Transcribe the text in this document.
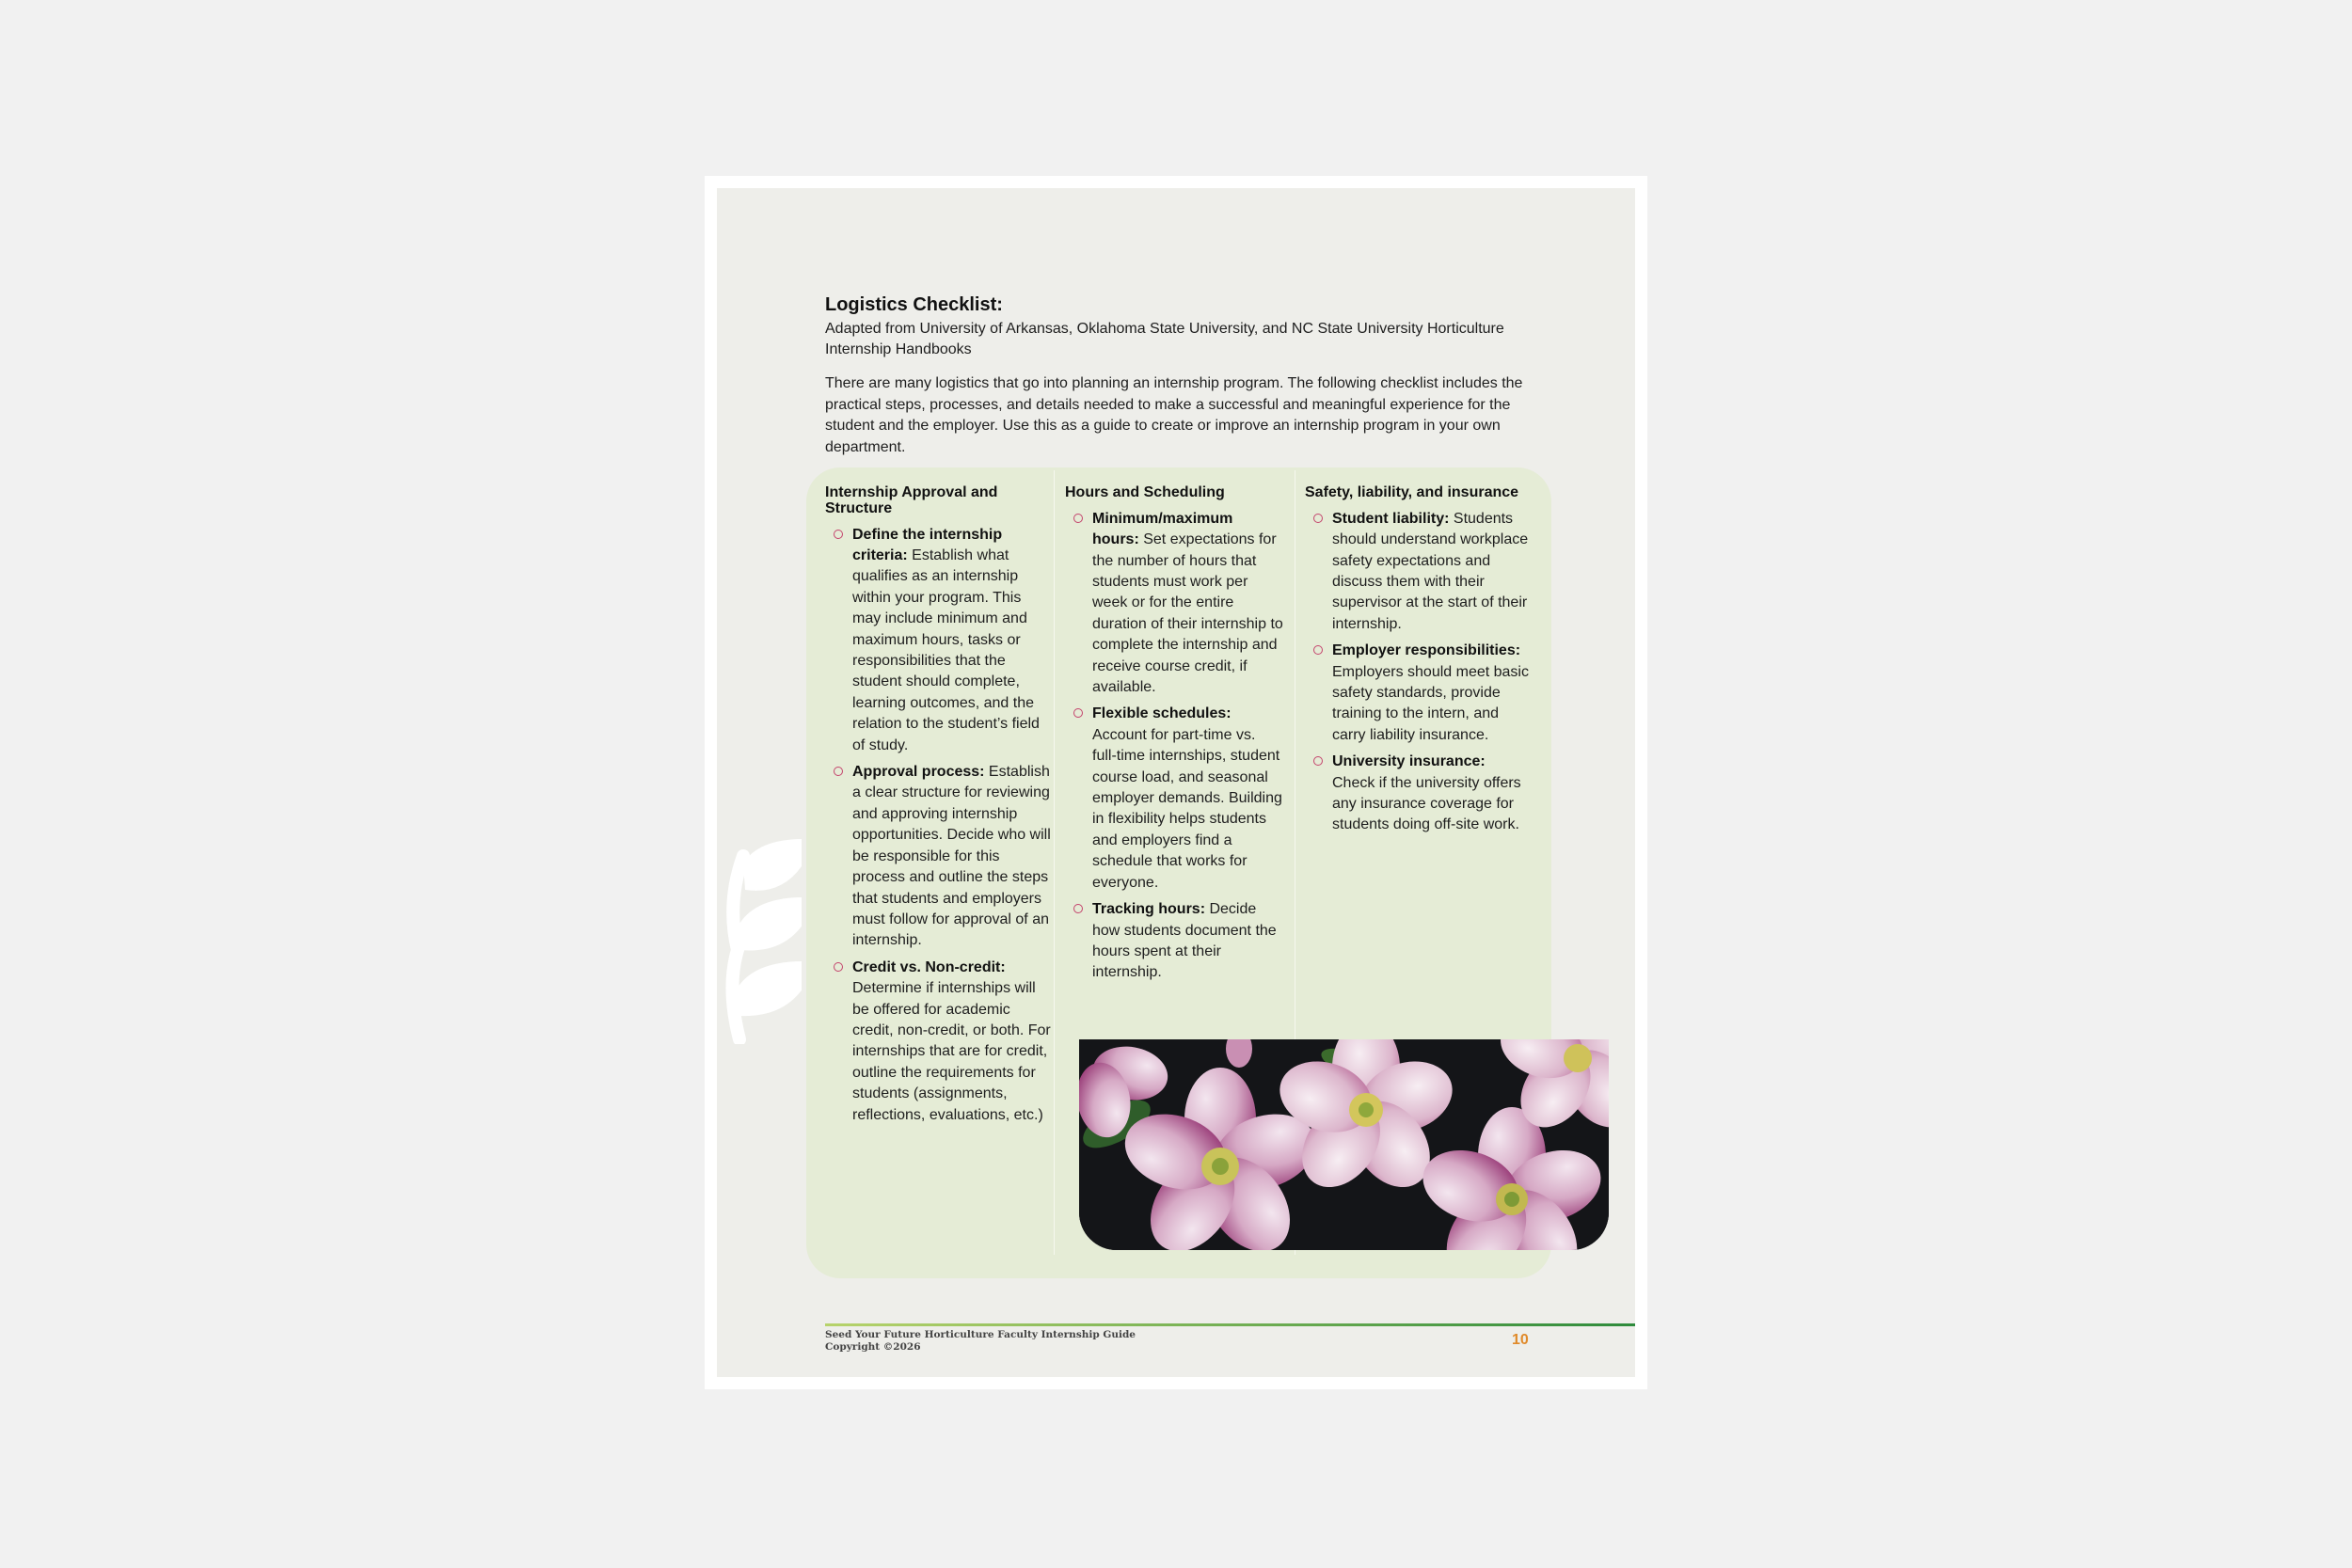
Logistics Checklist:
Adapted from University of Arkansas, Oklahoma State University, and NC State University Horticulture Internship Handbooks
There are many logistics that go into planning an internship program. The following checklist includes the practical steps, processes, and details needed to make a successful and meaningful experience for the student and the employer. Use this as a guide to create or improve an internship program in your own department.
Internship Approval and Structure
Define the internship criteria: Establish what qualifies as an internship within your program. This may include minimum and maximum hours, tasks or responsibilities that the student should complete, learning outcomes, and the relation to the student’s field of study.
Approval process: Establish a clear structure for reviewing and approving internship opportunities. Decide who will be responsible for this process and outline the steps that students and employers must follow for approval of an internship.
Credit vs. Non-credit: Determine if internships will be offered for academic credit, non-credit, or both. For internships that are for credit, outline the requirements for students (assignments, reflections, evaluations, etc.)
Hours and Scheduling
Minimum/maximum hours: Set expectations for the number of hours that students must work per week or for the entire duration of their internship to complete the internship and receive course credit, if available.
Flexible schedules: Account for part-time vs. full-time internships, student course load, and seasonal employer demands. Building in flexibility helps students and employers find a schedule that works for everyone.
Tracking hours: Decide how students document the hours spent at their internship.
Safety, liability, and insurance
Student liability: Students should understand workplace safety expectations and discuss them with their supervisor at the start of their internship.
Employer responsibilities: Employers should meet basic safety standards, provide training to the intern, and carry liability insurance.
University insurance: Check if the university offers any insurance coverage for students doing off-site work.
Seed Your Future Horticulture Faculty Internship Guide
Copyright ©2026	10
